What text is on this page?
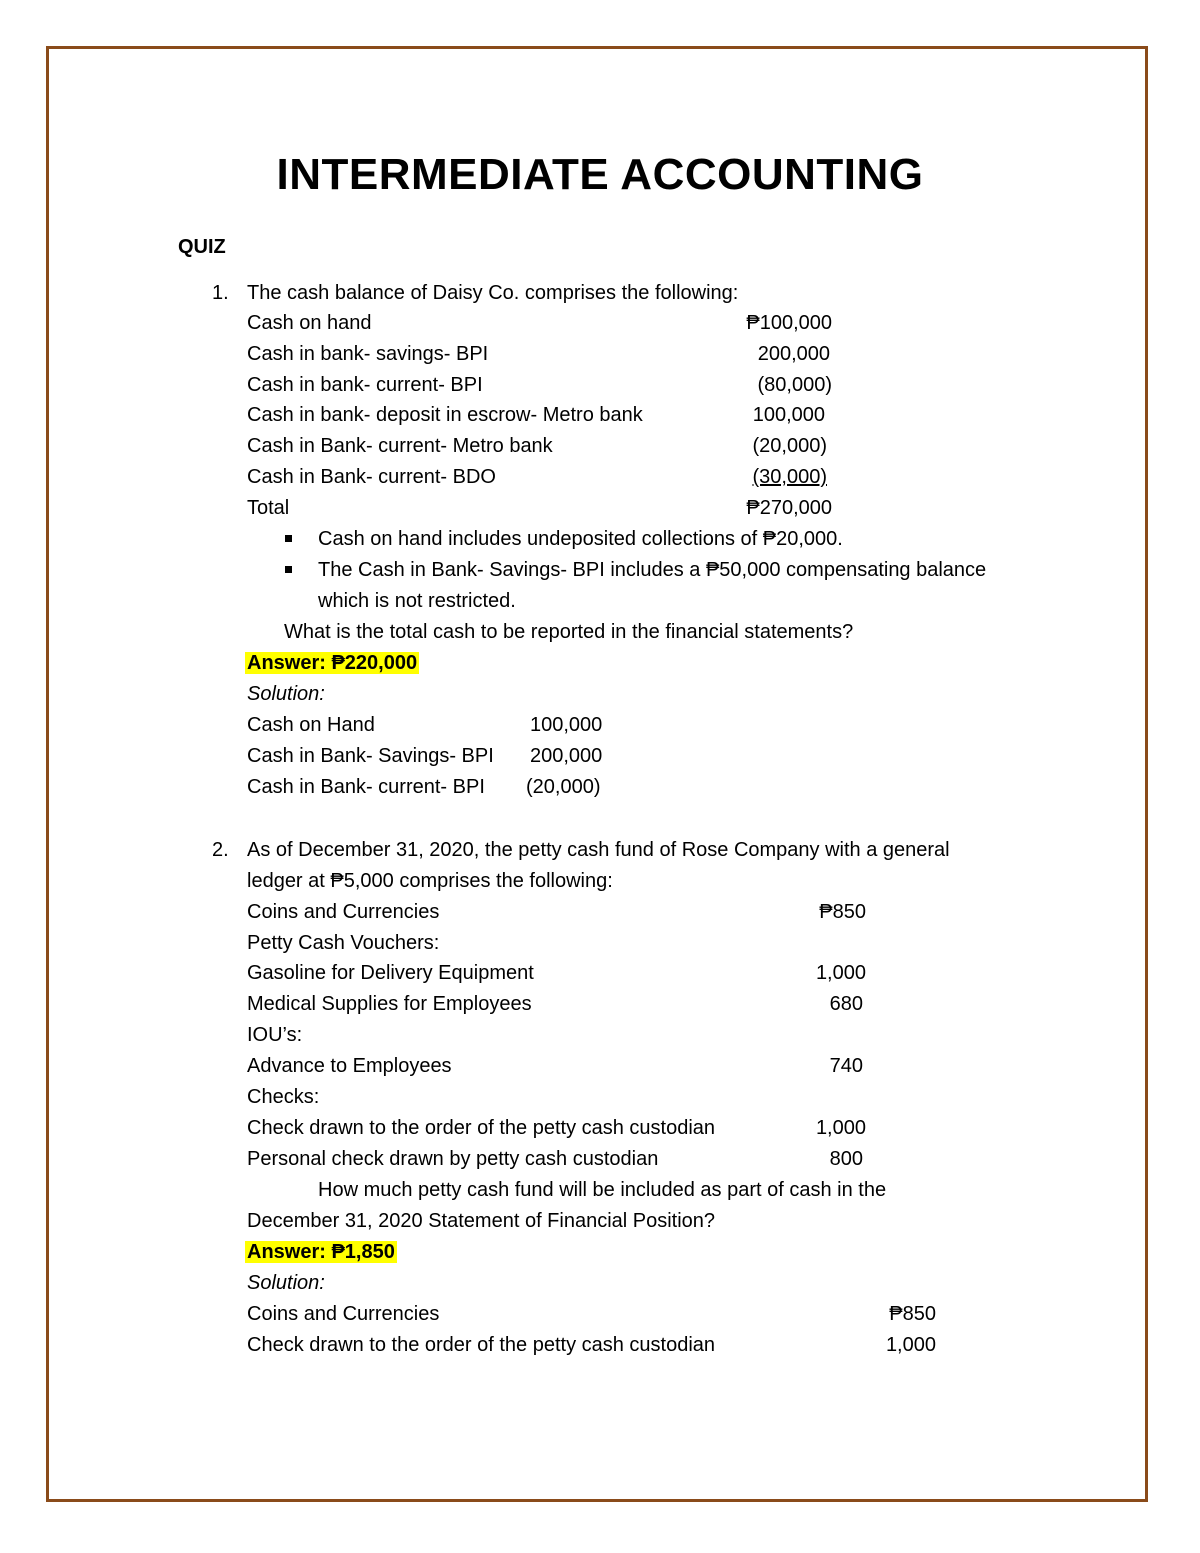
INTERMEDIATE ACCOUNTING
QUIZ
1. The cash balance of Daisy Co. comprises the following:
Cash on hand	₱100,000
Cash in bank- savings- BPI	200,000
Cash in bank- current- BPI	(80,000)
Cash in bank- deposit in escrow- Metro bank	100,000
Cash in Bank- current- Metro bank	(20,000)
Cash in Bank- current- BDO	(30,000)
Total	₱270,000
Cash on hand includes undeposited collections of ₱20,000.
The Cash in Bank- Savings- BPI includes a ₱50,000 compensating balance
which is not restricted.
What is the total cash to be reported in the financial statements?
Answer: ₱220,000
Solution:
Cash on Hand	100,000
Cash in Bank- Savings- BPI 200,000
Cash in Bank- current- BPI (20,000)
2. As of December 31, 2020, the petty cash fund of Rose Company with a general
ledger at ₱5,000 comprises the following:
Coins and Currencies	₱850
Petty Cash Vouchers:
Gasoline for Delivery Equipment	1,000
Medical Supplies for Employees	680
IOU’s:
Advance to Employees	740
Checks:
Check drawn to the order of the petty cash custodian	1,000
Personal check drawn by petty cash custodian	800
How much petty cash fund will be included as part of cash in the
December 31, 2020 Statement of Financial Position?
Answer: ₱1,850
Solution:
Coins and Currencies	₱850
Check drawn to the order of the petty cash custodian	1,000
